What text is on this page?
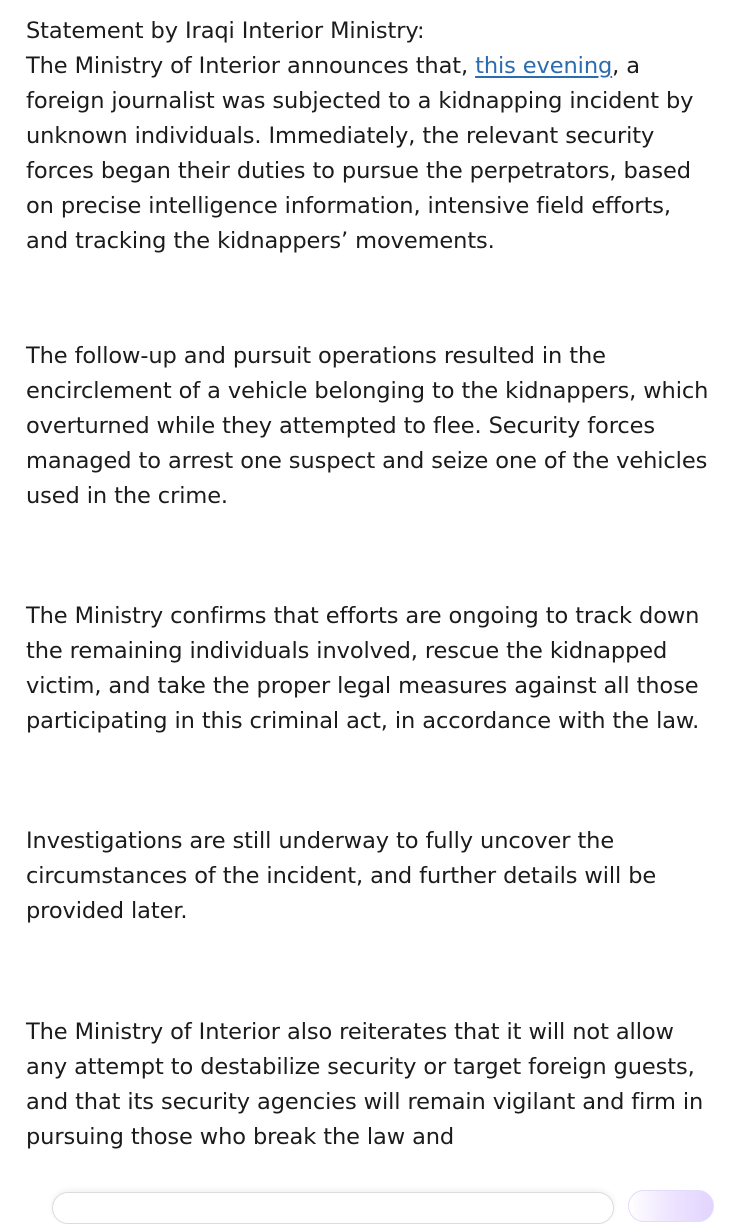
Statement by Iraqi Interior Ministry:

The Ministry of Interior announces that, this evening, a foreign journalist was subjected to a kidnapping incident by unknown individuals. Immediately, the relevant security forces began their duties to pursue the perpetrators, based on precise intelligence information, intensive field efforts, and tracking the kidnappers’ movements.

The follow-up and pursuit operations resulted in the encirclement of a vehicle belonging to the kidnappers, which overturned while they attempted to flee. Security forces managed to arrest one suspect and seize one of the vehicles used in the crime.

The Ministry confirms that efforts are ongoing to track down the remaining individuals involved, rescue the kidnapped victim, and take the proper legal measures against all those participating in this criminal act, in accordance with the law.

Investigations are still underway to fully uncover the circumstances of the incident, and further details will be provided later.

The Ministry of Interior also reiterates that it will not allow any attempt to destabilize security or target foreign guests, and that its security agencies will remain vigilant and firm in pursuing those who break the law and
